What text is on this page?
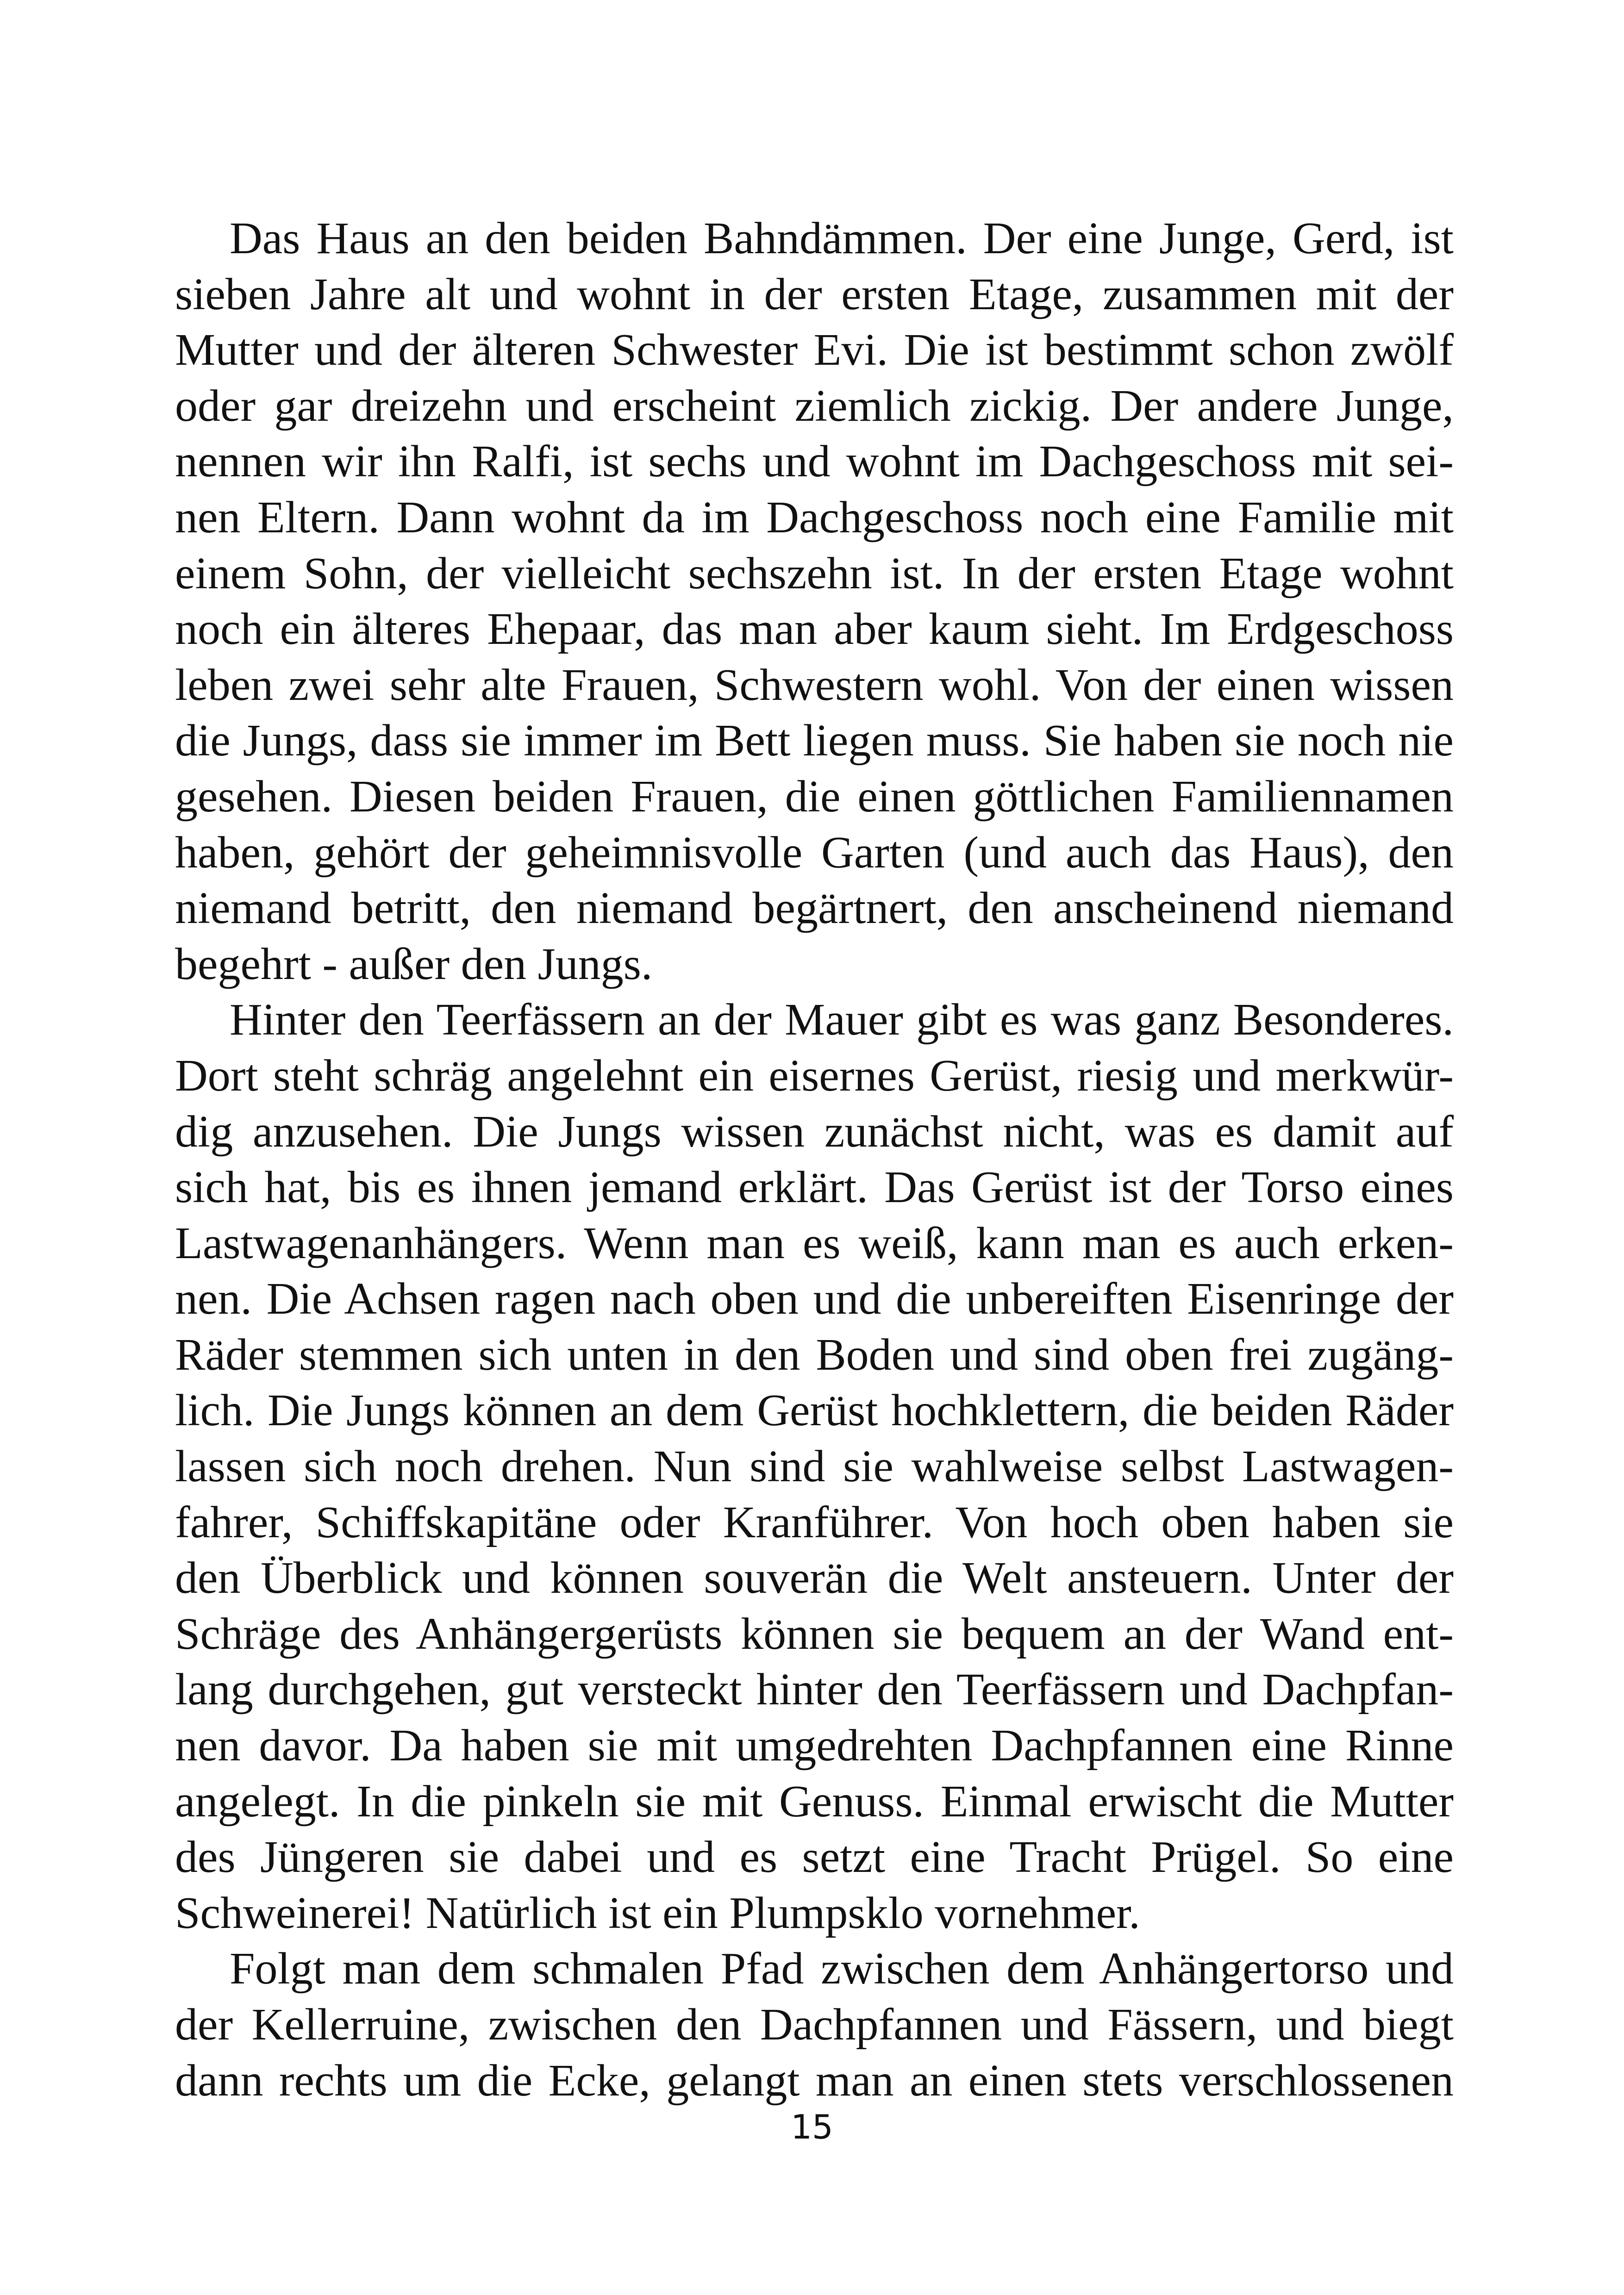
Das Haus an den beiden Bahndämmen. Der eine Junge, Gerd, ist
sieben Jahre alt und wohnt in der ersten Etage, zusammen mit der
Mutter und der älteren Schwester Evi. Die ist bestimmt schon zwölf
oder gar dreizehn und erscheint ziemlich zickig. Der andere Junge,
nennen wir ihn Ralfi, ist sechs und wohnt im Dachgeschoss mit sei-
nen Eltern. Dann wohnt da im Dachgeschoss noch eine Familie mit
einem Sohn, der vielleicht sechszehn ist. In der ersten Etage wohnt
noch ein älteres Ehepaar, das man aber kaum sieht. Im Erdgeschoss
leben zwei sehr alte Frauen, Schwestern wohl. Von der einen wissen
die Jungs, dass sie immer im Bett liegen muss. Sie haben sie noch nie
gesehen. Diesen beiden Frauen, die einen göttlichen Familiennamen
haben, gehört der geheimnisvolle Garten (und auch das Haus), den
niemand betritt, den niemand begärtnert, den anscheinend niemand
begehrt - außer den Jungs.
Hinter den Teerfässern an der Mauer gibt es was ganz Besonderes.
Dort steht schräg angelehnt ein eisernes Gerüst, riesig und merkwür-
dig anzusehen. Die Jungs wissen zunächst nicht, was es damit auf
sich hat, bis es ihnen jemand erklärt. Das Gerüst ist der Torso eines
Lastwagenanhängers. Wenn man es weiß, kann man es auch erken-
nen. Die Achsen ragen nach oben und die unbereiften Eisenringe der
Räder stemmen sich unten in den Boden und sind oben frei zugäng-
lich. Die Jungs können an dem Gerüst hochklettern, die beiden Räder
lassen sich noch drehen. Nun sind sie wahlweise selbst Lastwagen-
fahrer, Schiffskapitäne oder Kranführer. Von hoch oben haben sie
den Überblick und können souverän die Welt ansteuern. Unter der
Schräge des Anhängergerüsts können sie bequem an der Wand ent-
lang durchgehen, gut versteckt hinter den Teerfässern und Dachpfan-
nen davor. Da haben sie mit umgedrehten Dachpfannen eine Rinne
angelegt. In die pinkeln sie mit Genuss. Einmal erwischt die Mutter
des Jüngeren sie dabei und es setzt eine Tracht Prügel. So eine
Schweinerei! Natürlich ist ein Plumpsklo vornehmer.
Folgt man dem schmalen Pfad zwischen dem Anhängertorso und
der Kellerruine, zwischen den Dachpfannen und Fässern, und biegt
dann rechts um die Ecke, gelangt man an einen stets verschlossenen
15
